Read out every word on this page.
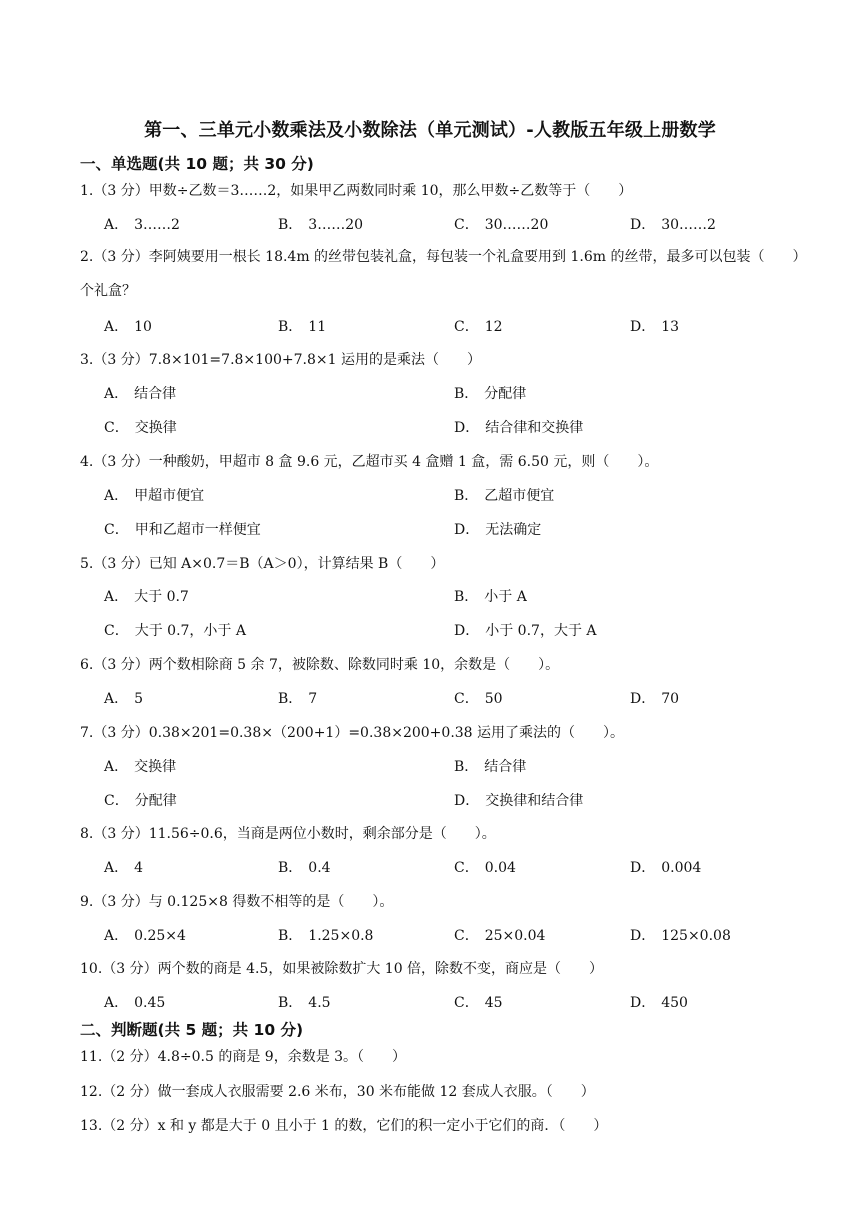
第一、三单元小数乘法及小数除法（单元测试）-人教版五年级上册数学
一、单选题(共 10 题；共 30 分)
1.（3 分）甲数÷乙数＝3……2，如果甲乙两数同时乘 10，那么甲数÷乙数等于（　　）
A． 3……2	B． 3……20	C． 30……20	D． 30……2
2.（3 分）李阿姨要用一根长 18.4m 的丝带包装礼盒，每包装一个礼盒要用到 1.6m 的丝带，最多可以包装（　　）个礼盒？
A． 10	B． 11	C． 12	D． 13
3.（3 分）7.8×101=7.8×100+7.8×1 运用的是乘法（　　）
A． 结合律	B． 分配律
C． 交换律	D． 结合律和交换律
4.（3 分）一种酸奶，甲超市 8 盒 9.6 元，乙超市买 4 盒赠 1 盒，需 6.50 元，则（　　）。
A． 甲超市便宜	B． 乙超市便宜
C． 甲和乙超市一样便宜	D． 无法确定
5.（3 分）已知 A×0.7＝B（A＞0），计算结果 B（　　）
A． 大于 0.7	B． 小于 A
C． 大于 0.7，小于 A	D． 小于 0.7，大于 A
6.（3 分）两个数相除商 5 余 7，被除数、除数同时乘 10，余数是（　　）。
A． 5	B． 7	C． 50	D． 70
7.（3 分）0.38×201=0.38×（200+1）=0.38×200+0.38 运用了乘法的（　　）。
A． 交换律	B． 结合律
C． 分配律	D． 交换律和结合律
8.（3 分）11.56÷0.6，当商是两位小数时，剩余部分是（　　）。
A． 4	B． 0.4	C． 0.04	D． 0.004
9.（3 分）与 0.125×8 得数不相等的是（　　）。
A． 0.25×4	B． 1.25×0.8	C． 25×0.04	D． 125×0.08
10.（3 分）两个数的商是 4.5，如果被除数扩大 10 倍，除数不变，商应是（　　）
A． 0.45	B． 4.5	C． 45	D． 450
二、判断题(共 5 题；共 10 分)
11.（2 分）4.8÷0.5 的商是 9，余数是 3。（　　）
12.（2 分）做一套成人衣服需要 2.6 米布，30 米布能做 12 套成人衣服。（　　）
13.（2 分）x 和 y 都是大于 0 且小于 1 的数，它们的积一定小于它们的商．（　　）
